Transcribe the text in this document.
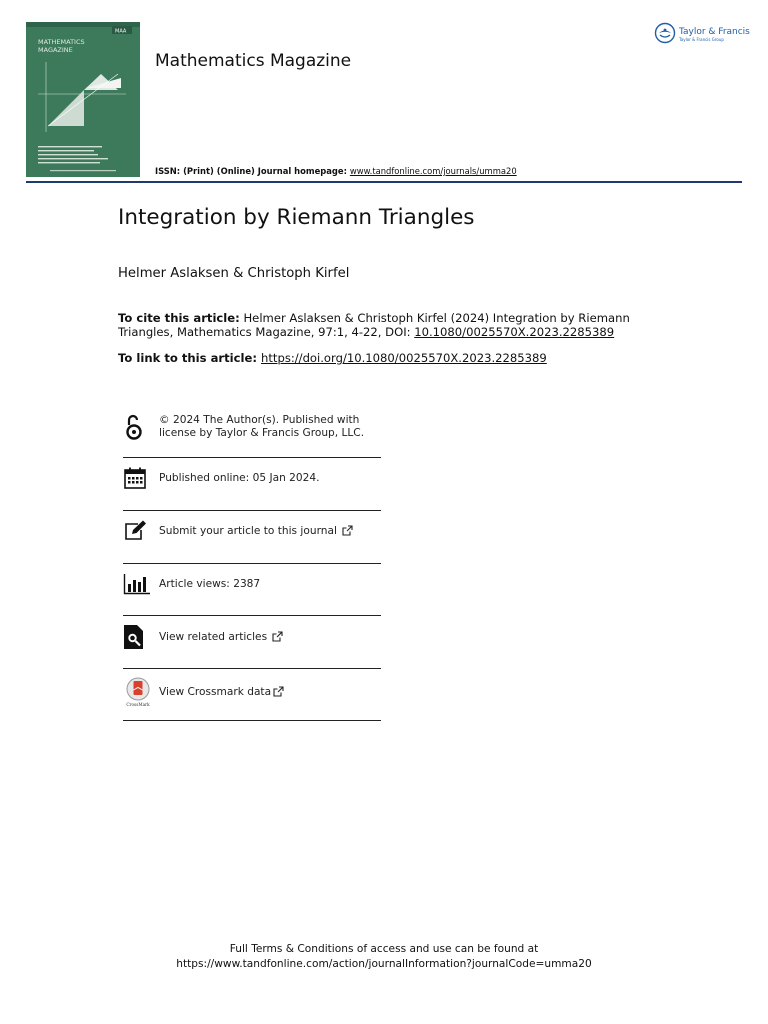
MATHEMATICS
MAGAZINE
MAA
Mathematics Magazine
Taylor & Francis
Taylor & Francis Group
ISSN: (Print) (Online) Journal homepage: www.tandfonline.com/journals/umma20
Integration by Riemann Triangles
Helmer Aslaksen & Christoph Kirfel
To cite this article: Helmer Aslaksen & Christoph Kirfel (2024) Integration by Riemann Triangles, Mathematics Magazine, 97:1, 4-22, DOI: 10.1080/0025570X.2023.2285389
To link to this article: https://doi.org/10.1080/0025570X.2023.2285389
© 2024 The Author(s). Published with license by Taylor & Francis Group, LLC.
Published online: 05 Jan 2024.
Submit your article to this journal
Article views: 2387
View related articles
CrossMark
View Crossmark data
Full Terms & Conditions of access and use can be found at
https://www.tandfonline.com/action/journalInformation?journalCode=umma20
